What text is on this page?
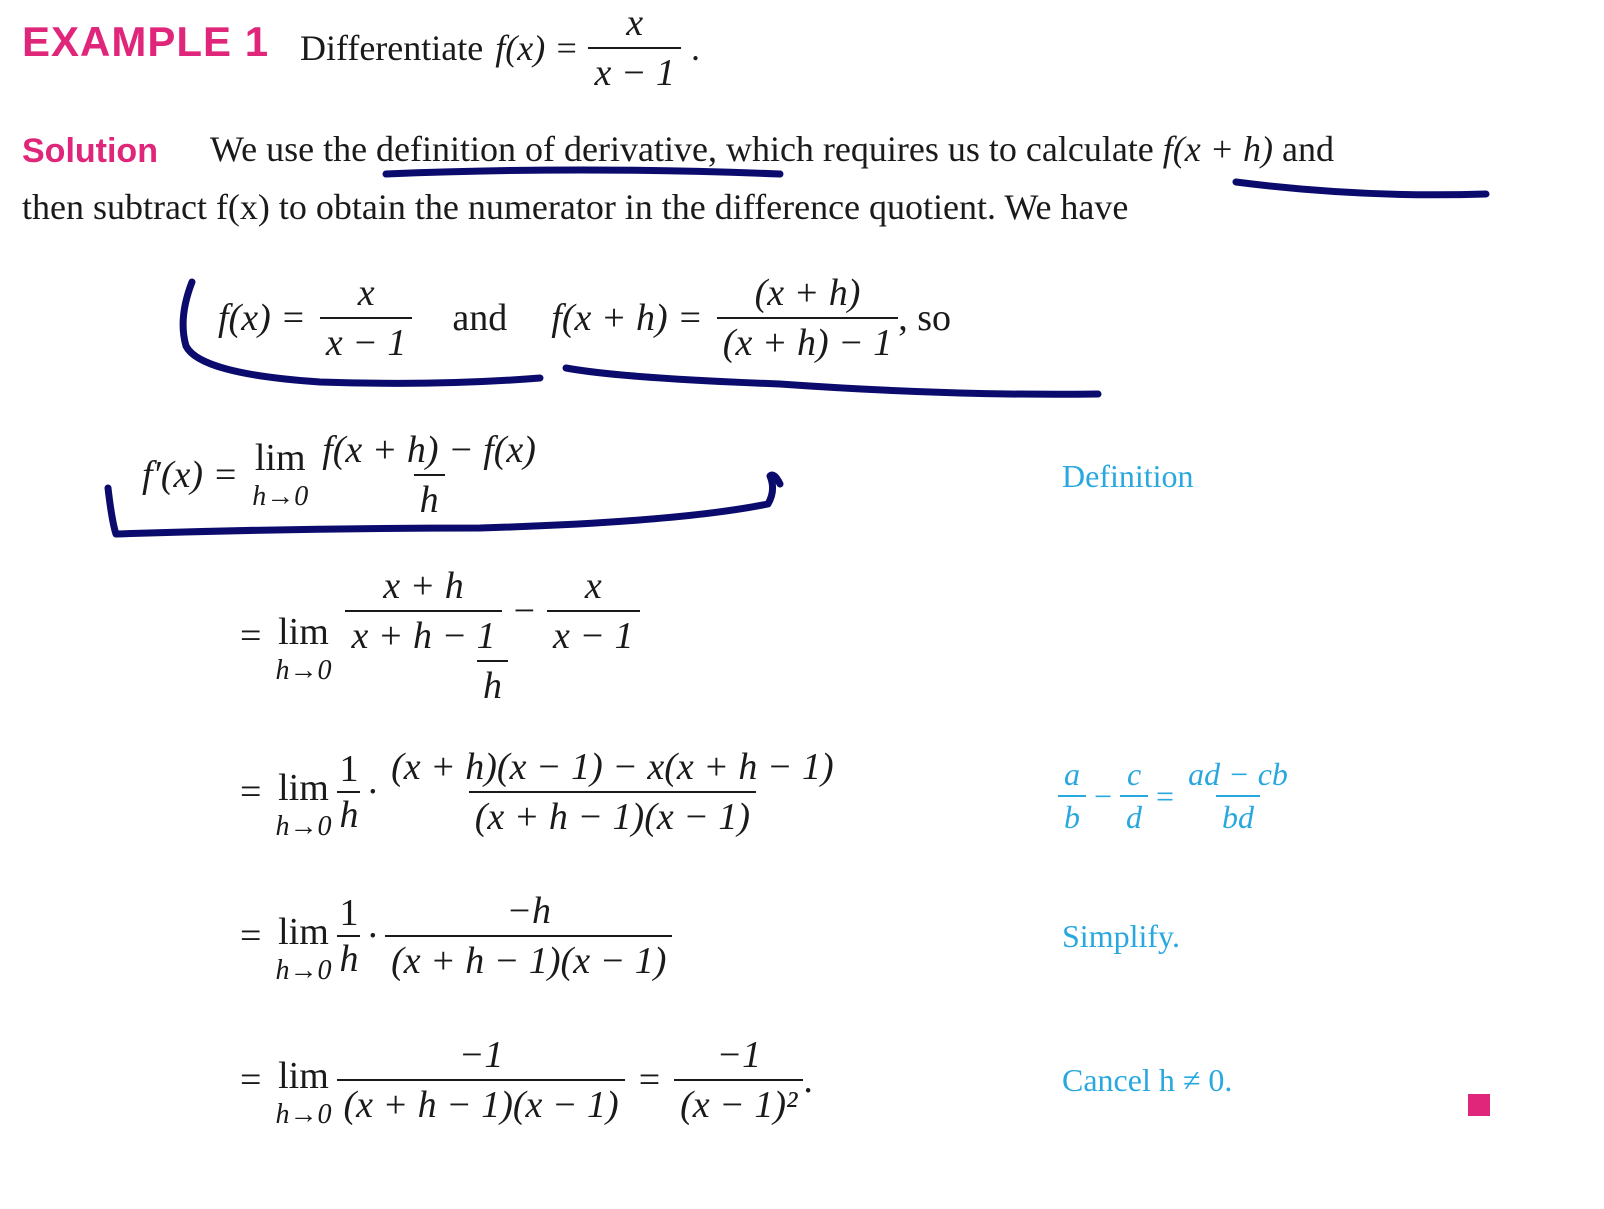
EXAMPLE 1 Differentiate $f(x) = \frac{x}{x - 1}$ .
Solution We use the definition of derivative, which requires us to calculate f(x + h) and
then subtract f(x) to obtain the numerator in the difference quotient. We have
$f(x) = \frac{x}{x - 1}$ and $f(x + h) = \frac{(x + h)}{(x + h) - 1}$ , so
f′(x) = lim
$h\to 0 \frac{f(x + h) - f(x)}{h}$	Definition
= lim
h→0
$\frac{x + h}{x + h - 1} - \frac{x}{x - 1}$
h
= lim
$h\to 0 \frac{1}{h} \cdot \frac{(x + h)(x - 1) - x(x + h - 1)}{(x + h - 1)(x - 1)}$	$\frac{a}{b} - \frac{c}{d} = \frac{ad - cb}{bd}$
= lim
$h\to 0 \frac{1}{h} \cdot \frac{-h}{(x + h - 1)(x - 1)}$	Simplify.
= lim
$h\to 0 \frac{-1}{(x + h - 1)(x - 1)} = \frac{-1}{\text{(x − 1)²}}$ .	Cancel h ≠ 0.
